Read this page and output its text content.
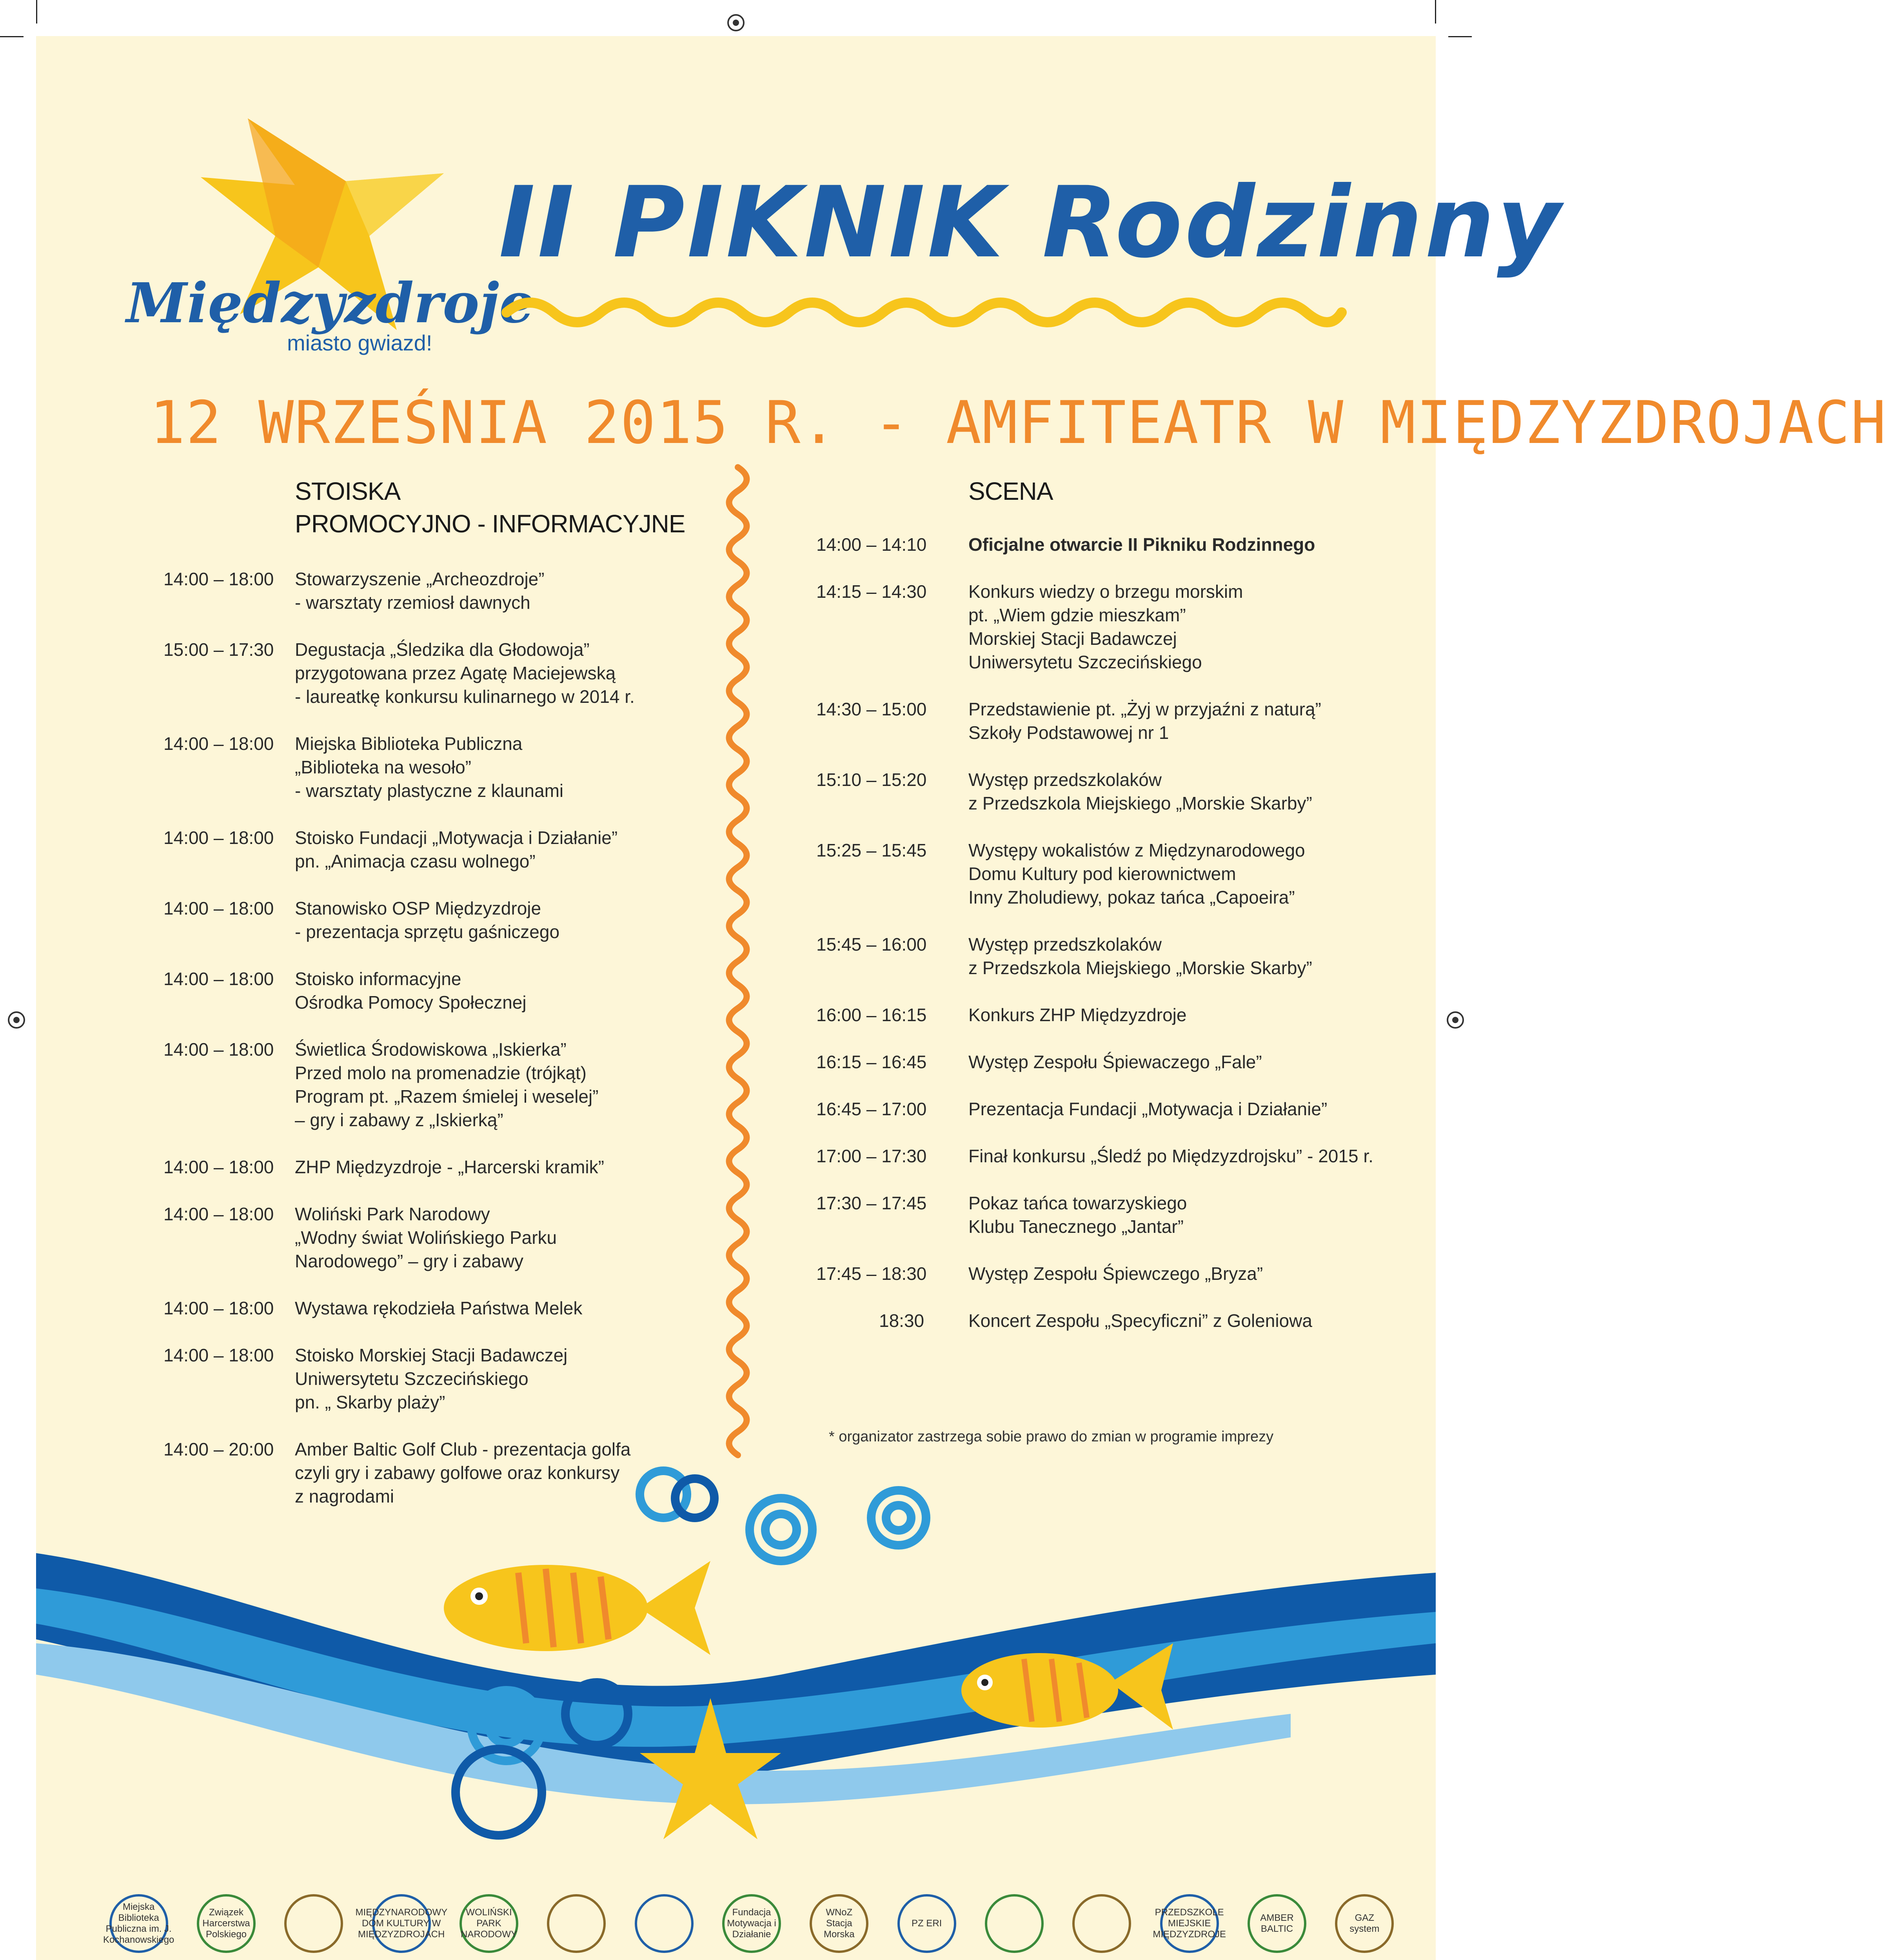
Międzyzdroje
miasto gwiazd!
II PIKNIK Rodzinny
12 WRZEŚNIA 2015 R. - AMFITEATR W MIĘDZYZDROJACH
STOISKA
PROMOCYJNO - INFORMACYJNE
SCENA
14:00 – 18:00 Stowarzyszenie „Archeozdroje”
- warsztaty rzemiosł dawnych
15:00 – 17:30 Degustacja „Śledzika dla Głodowoja”
przygotowana przez Agatę Maciejewską
- laureatkę konkursu kulinarnego w 2014 r.
14:00 – 18:00 Miejska Biblioteka Publiczna
„Biblioteka na wesoło”
- warsztaty plastyczne z klaunami
14:00 – 18:00 Stoisko Fundacji „Motywacja i Działanie”
pn. „Animacja czasu wolnego”
14:00 – 18:00 Stanowisko OSP Międzyzdroje
- prezentacja sprzętu gaśniczego
14:00 – 18:00 Stoisko informacyjne
Ośrodka Pomocy Społecznej
14:00 – 18:00 Świetlica Środowiskowa „Iskierka”
Przed molo na promenadzie (trójkąt)
Program pt. „Razem śmielej i weselej”
– gry i zabawy z „Iskierką”
14:00 – 18:00 ZHP Międzyzdroje - „Harcerski kramik”
14:00 – 18:00 Woliński Park Narodowy
„Wodny świat Wolińskiego Parku
Narodowego” – gry i zabawy
14:00 – 18:00 Wystawa rękodzieła Państwa Melek
14:00 – 18:00 Stoisko Morskiej Stacji Badawczej
Uniwersytetu Szczecińskiego
pn. „ Skarby plaży”
14:00 – 20:00 Amber Baltic Golf Club - prezentacja golfa
czyli gry i zabawy golfowe oraz konkursy
z nagrodami
14:00 – 14:10 Oficjalne otwarcie II Pikniku Rodzinnego
14:15 – 14:30 Konkurs wiedzy o brzegu morskim
pt. „Wiem gdzie mieszkam”
Morskiej Stacji Badawczej
Uniwersytetu Szczecińskiego
14:30 – 15:00 Przedstawienie pt. „Żyj w przyjaźni z naturą”
Szkoły Podstawowej nr 1
15:10 – 15:20 Występ przedszkolaków
z Przedszkola Miejskiego „Morskie Skarby”
15:25 – 15:45 Występy wokalistów z Międzynarodowego
Domu Kultury pod kierownictwem
Inny Zholudiewy, pokaz tańca „Capoeira”
15:45 – 16:00 Występ przedszkolaków
z Przedszkola Miejskiego „Morskie Skarby”
16:00 – 16:15 Konkurs ZHP Międzyzdroje
16:15 – 16:45 Występ Zespołu Śpiewaczego „Fale”
16:45 – 17:00 Prezentacja Fundacji „Motywacja i Działanie”
17:00 – 17:30 Finał konkursu „Śledź po Międzyzdrojsku” - 2015 r.
17:30 – 17:45 Pokaz tańca towarzyskiego
Klubu Tanecznego „Jantar”
17:45 – 18:30 Występ Zespołu Śpiewczego „Bryza”
18:30 Koncert Zespołu „Specyficzni” z Goleniowa
* organizator zastrzega sobie prawo do zmian w programie imprezy
Miejska Biblioteka Publiczna im. J. Kochanowskiego
Związek Harcerstwa Polskiego
MIĘDZYNARODOWY DOM KULTURY W MIĘDZYZDROJACH
WOLIŃSKI PARK NARODOWY
Fundacja Motywacja i Działanie
WNoZ Stacja Morska
PZ ERI
PRZEDSZKOLE MIEJSKIE MIĘDZYZDROJE
AMBER BALTIC
GAZ system
